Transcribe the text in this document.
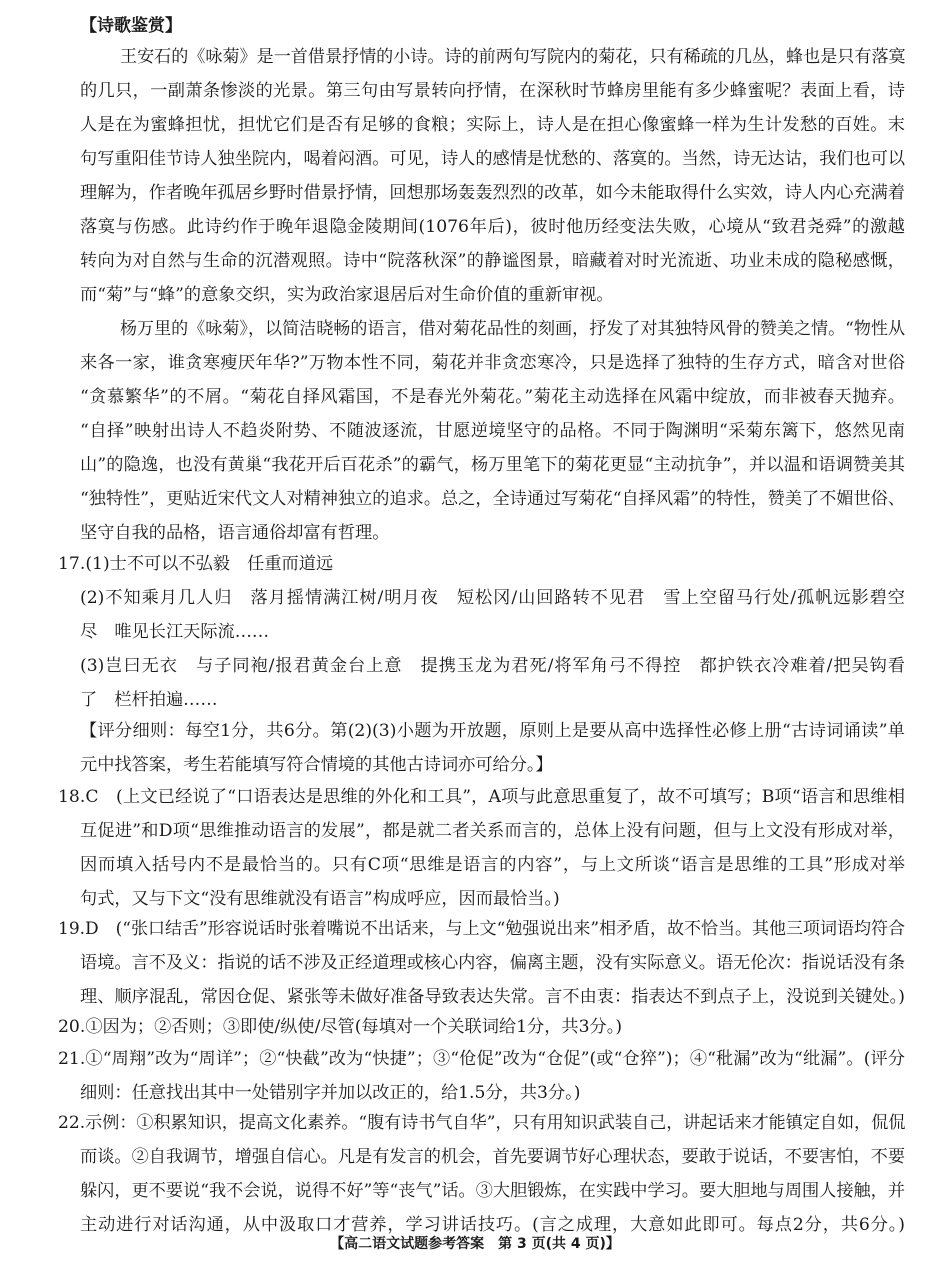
【诗歌鉴赏】
王安石的《咏菊》是一首借景抒情的小诗。诗的前两句写院内的菊花，只有稀疏的几丛，蜂也是只有落寞
的几只，一副萧条惨淡的光景。第三句由写景转向抒情，在深秋时节蜂房里能有多少蜂蜜呢？表面上看，诗
人是在为蜜蜂担忧，担忧它们是否有足够的食粮；实际上，诗人是在担心像蜜蜂一样为生计发愁的百姓。末
句写重阳佳节诗人独坐院内，喝着闷酒。可见，诗人的感情是忧愁的、落寞的。当然，诗无达诂，我们也可以
理解为，作者晚年孤居乡野时借景抒情，回想那场轰轰烈烈的改革，如今未能取得什么实效，诗人内心充满着
落寞与伤感。此诗约作于晚年退隐金陵期间(1076年后)，彼时他历经变法失败，心境从“致君尧舜”的激越
转向为对自然与生命的沉潜观照。诗中“院落秋深”的静谧图景，暗藏着对时光流逝、功业未成的隐秘感慨，
而“菊”与“蜂”的意象交织，实为政治家退居后对生命价值的重新审视。
杨万里的《咏菊》，以简洁晓畅的语言，借对菊花品性的刻画，抒发了对其独特风骨的赞美之情。“物性从
来各一家，谁贪寒瘦厌年华?”万物本性不同，菊花并非贪恋寒冷，只是选择了独特的生存方式，暗含对世俗
“贪慕繁华”的不屑。“菊花自择风霜国，不是春光外菊花。”菊花主动选择在风霜中绽放，而非被春天抛弃。
“自择”映射出诗人不趋炎附势、不随波逐流，甘愿逆境坚守的品格。不同于陶渊明“采菊东篱下，悠然见南
山”的隐逸，也没有黄巢“我花开后百花杀”的霸气，杨万里笔下的菊花更显“主动抗争”，并以温和语调赞美其
“独特性”，更贴近宋代文人对精神独立的追求。总之，全诗通过写菊花“自择风霜”的特性，赞美了不媚世俗、
坚守自我的品格，语言通俗却富有哲理。
17.(1)士不可以不弘毅　任重而道远
(2)不知乘月几人归　落月摇情满江树/明月夜　短松冈/山回路转不见君　雪上空留马行处/孤帆远影碧空
尽　唯见长江天际流……
(3)岂曰无衣　与子同袍/报君黄金台上意　提携玉龙为君死/将军角弓不得控　都护铁衣冷难着/把吴钩看
了　栏杆拍遍……
【评分细则：每空1分，共6分。第(2)(3)小题为开放题，原则上是要从高中选择性必修上册“古诗词诵读”单
元中找答案，考生若能填写符合情境的其他古诗词亦可给分。】
18.C　(上文已经说了“口语表达是思维的外化和工具”，A项与此意思重复了，故不可填写；B项“语言和思维相
互促进”和D项“思维推动语言的发展”，都是就二者关系而言的，总体上没有问题，但与上文没有形成对举，
因而填入括号内不是最恰当的。只有C项“思维是语言的内容”，与上文所谈“语言是思维的工具”形成对举
句式，又与下文“没有思维就没有语言”构成呼应，因而最恰当。)
19.D　(“张口结舌”形容说话时张着嘴说不出话来，与上文“勉强说出来”相矛盾，故不恰当。其他三项词语均符合
语境。言不及义：指说的话不涉及正经道理或核心内容，偏离主题，没有实际意义。语无伦次：指说话没有条
理、顺序混乱，常因仓促、紧张等未做好准备导致表达失常。言不由衷：指表达不到点子上，没说到关键处。)
20.①因为；②否则；③即使/纵使/尽管(每填对一个关联词给1分，共3分。)
21.①“周翔”改为“周详”；②“快截”改为“快捷”；③“伧促”改为“仓促”(或“仓猝”)；④“秕漏”改为“纰漏”。(评分
细则：任意找出其中一处错别字并加以改正的，给1.5分，共3分。)
22.示例：①积累知识，提高文化素养。“腹有诗书气自华”，只有用知识武装自己，讲起话来才能镇定自如，侃侃
而谈。②自我调节，增强自信心。凡是有发言的机会，首先要调节好心理状态，要敢于说话，不要害怕，不要
躲闪，更不要说“我不会说，说得不好”等“丧气”话。③大胆锻炼，在实践中学习。要大胆地与周围人接触，并
主动进行对话沟通，从中汲取口才营养，学习讲话技巧。(言之成理，大意如此即可。每点2分，共6分。)
【高二语文试题参考答案　第 3 页(共 4 页)】
